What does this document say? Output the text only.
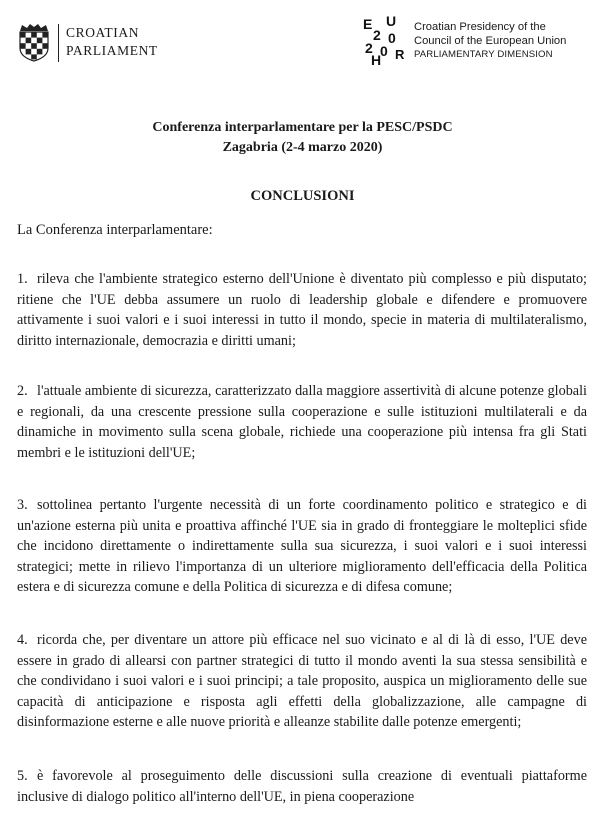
CROATIAN
PARLIAMENT
E U
2 0
2 0
H R
Croatian Presidency of the
Council of the European Union
PARLIAMENTARY DIMENSION
Conferenza interparlamentare per la PESC/PSDC
Zagabria (2-4 marzo 2020)
CONCLUSIONI
La Conferenza interparlamentare:
1. rileva che l'ambiente strategico esterno dell'Unione è diventato più complesso e più disputato; ritiene che l'UE debba assumere un ruolo di leadership globale e difendere e promuovere attivamente i suoi valori e i suoi interessi in tutto il mondo, specie in materia di multilateralismo, diritto internazionale, democrazia e diritti umani;
2. l'attuale ambiente di sicurezza, caratterizzato dalla maggiore assertività di alcune potenze globali e regionali, da una crescente pressione sulla cooperazione e sulle istituzioni multilaterali e da dinamiche in movimento sulla scena globale, richiede una cooperazione più intensa fra gli Stati membri e le istituzioni dell'UE;
3. sottolinea pertanto l'urgente necessità di un forte coordinamento politico e strategico e di un'azione esterna più unita e proattiva affinché l'UE sia in grado di fronteggiare le molteplici sfide che incidono direttamente o indirettamente sulla sua sicurezza, i suoi valori e i suoi interessi strategici; mette in rilievo l'importanza di un ulteriore miglioramento dell'efficacia della Politica estera e di sicurezza comune e della Politica di sicurezza e di difesa comune;
4. ricorda che, per diventare un attore più efficace nel suo vicinato e al di là di esso, l'UE deve essere in grado di allearsi con partner strategici di tutto il mondo aventi la sua stessa sensibilità e che condividano i suoi valori e i suoi principi; a tale proposito, auspica un miglioramento delle sue capacità di anticipazione e risposta agli effetti della globalizzazione, alle campagne di disinformazione esterne e alle nuove priorità e alleanze stabilite dalle potenze emergenti;
5. è favorevole al proseguimento delle discussioni sulla creazione di eventuali piattaforme inclusive di dialogo politico all'interno dell'UE, in piena cooperazione
